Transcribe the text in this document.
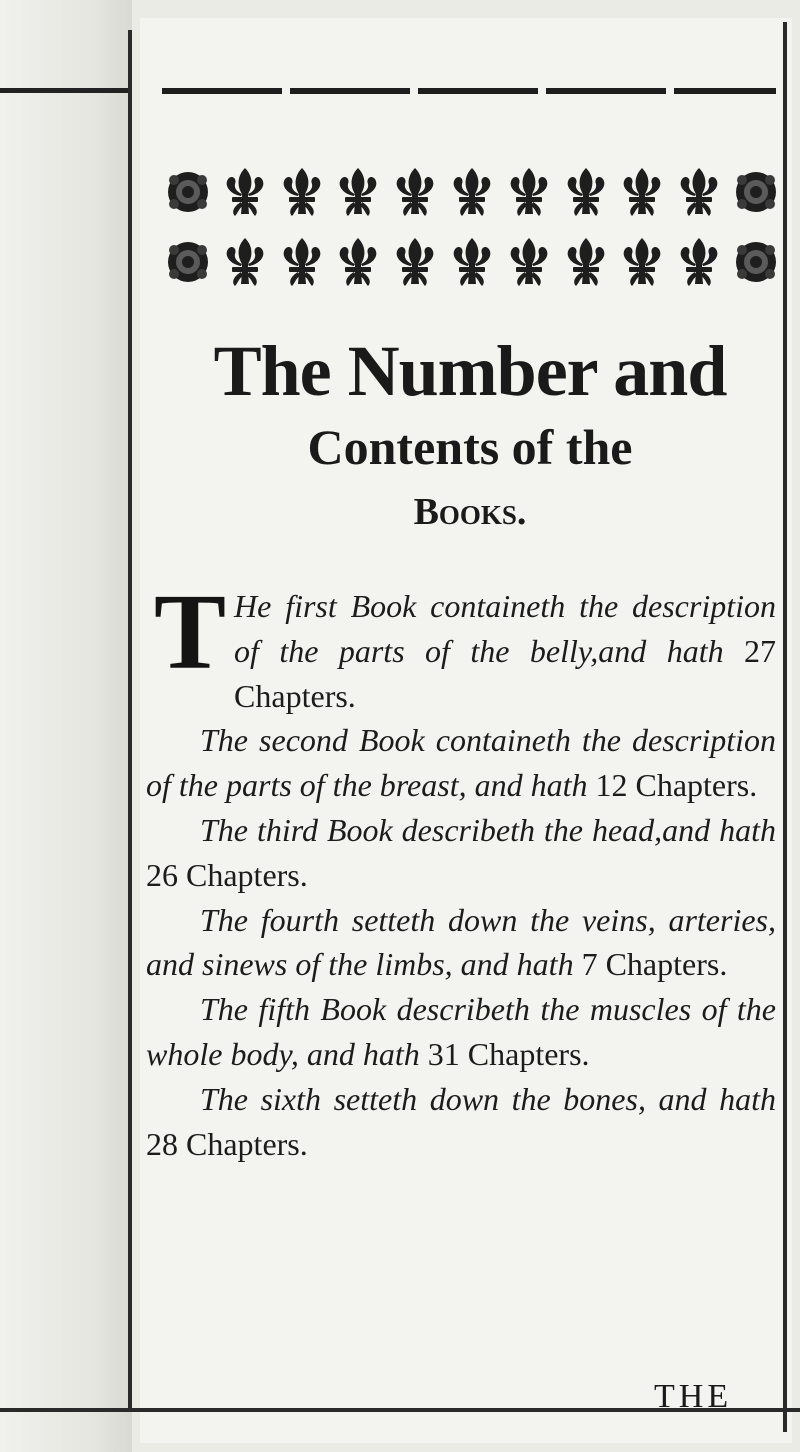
The Number and
Contents of the
Books.

T He first Book containeth the description of the parts of the belly,and hath 27 Chapters.

The second Book containeth the description of the parts of the breast, and hath 12 Chapters.

The third Book describeth the head,and hath 26 Chapters.

The fourth setteth down the veins, arteries, and sinews of the limbs, and hath 7 Chapters.

The fifth Book describeth the muscles of the whole body, and hath 31 Chapters.

The sixth setteth down the bones, and hath 28 Chapters.

THE
